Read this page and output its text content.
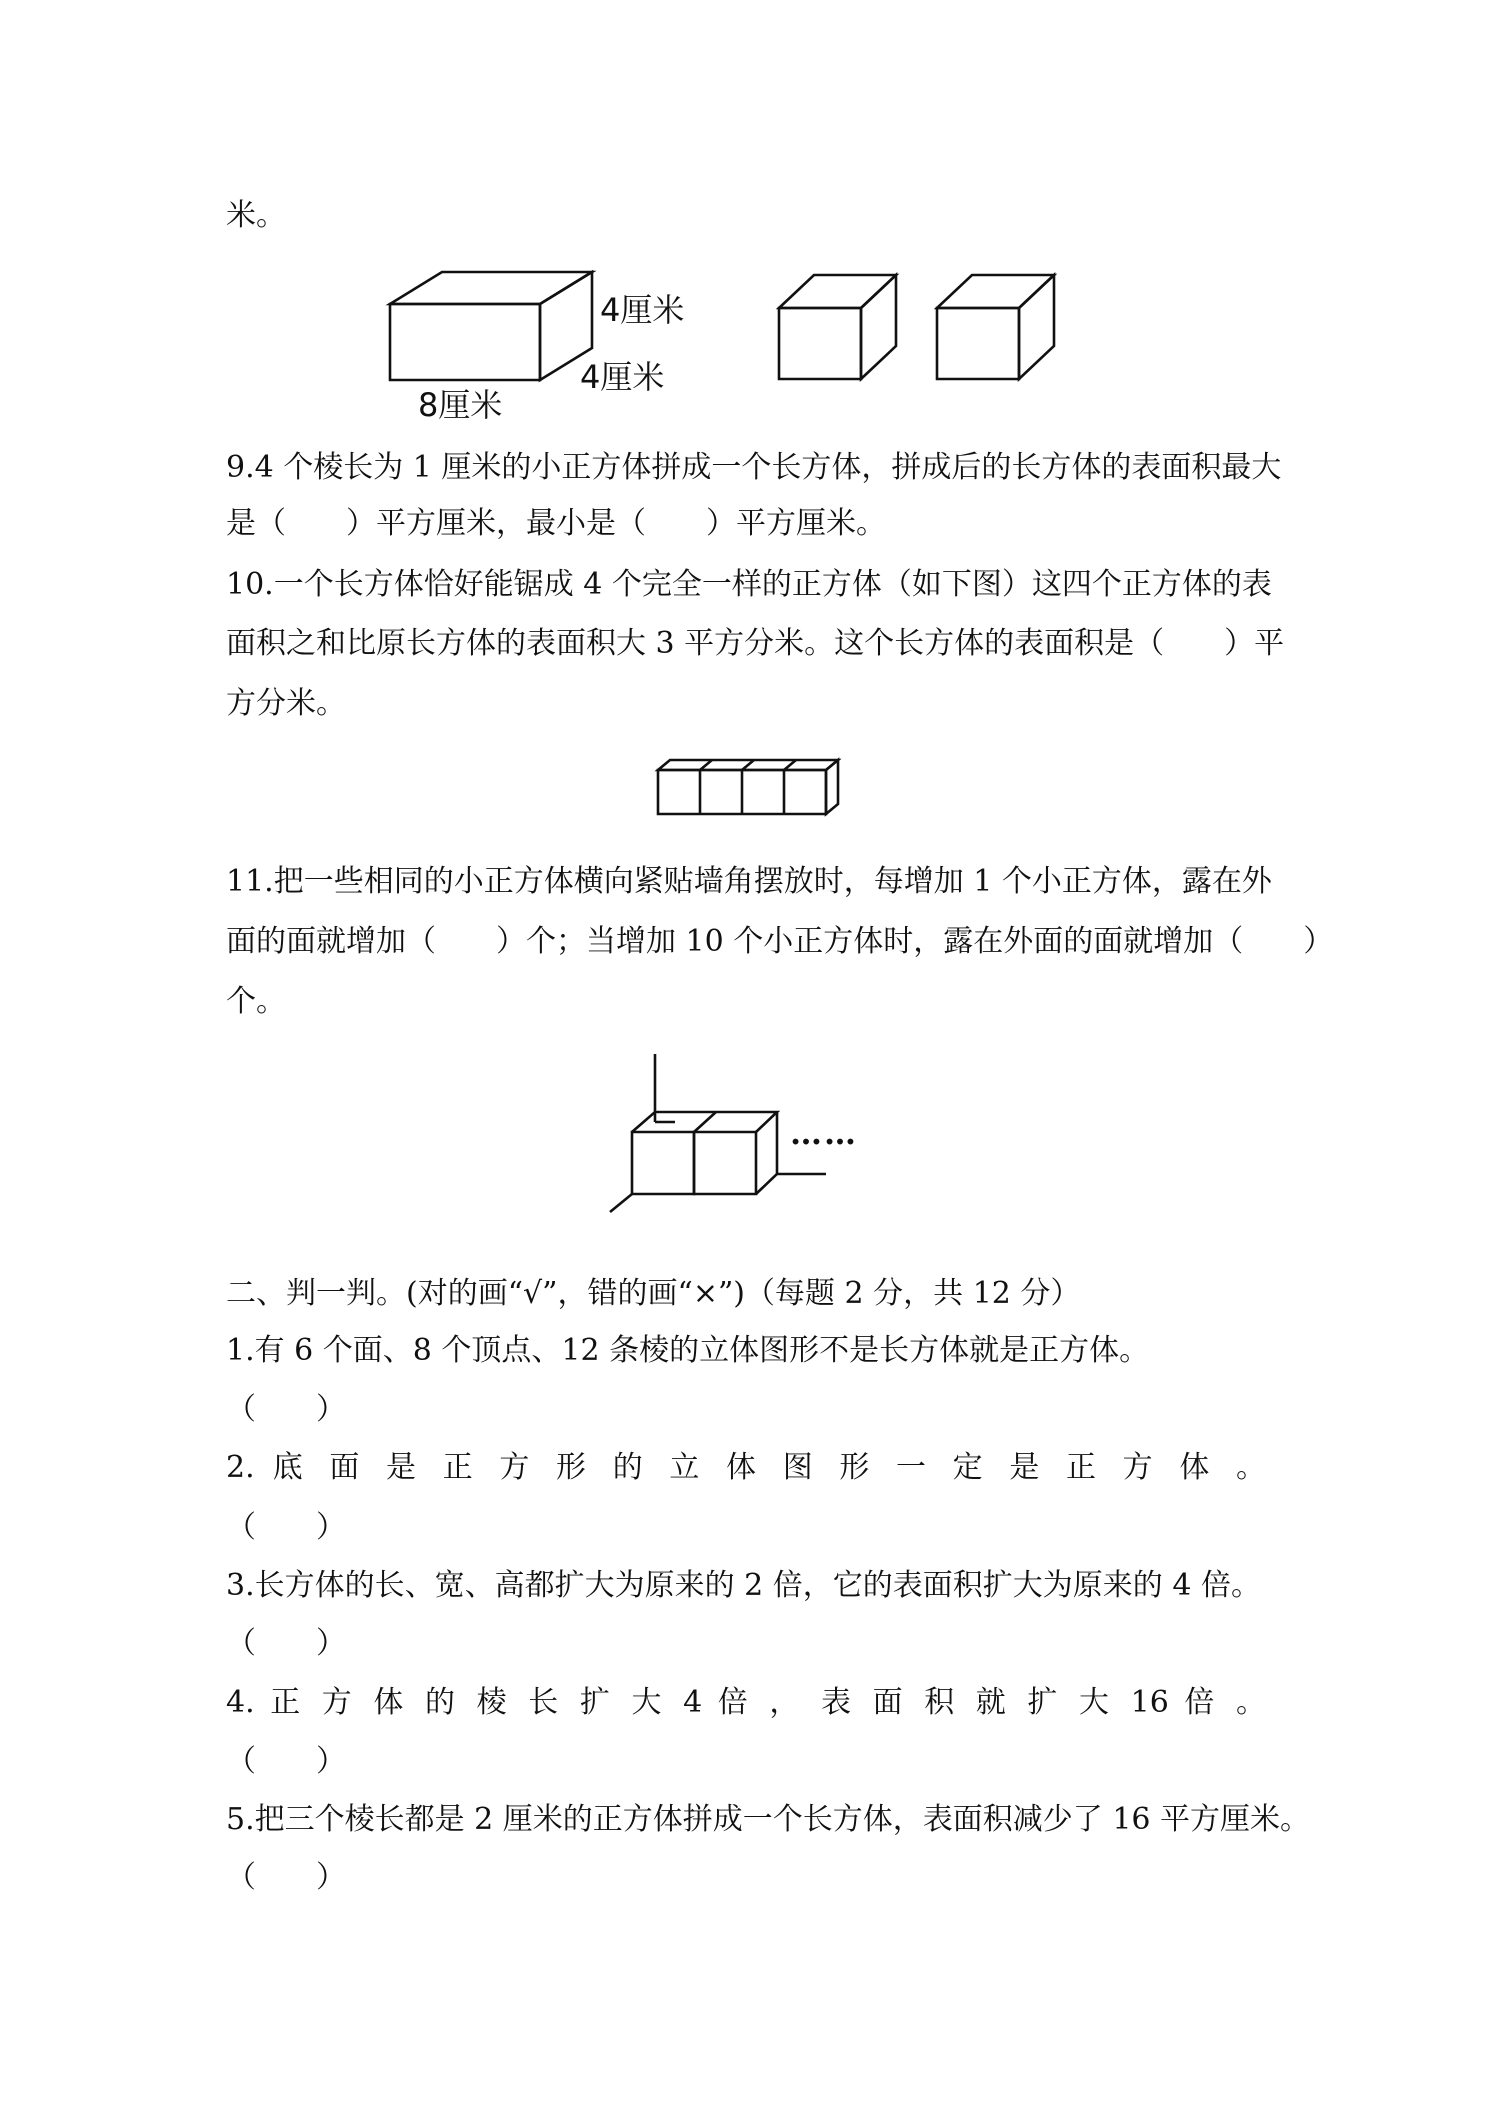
米。
4厘米
4厘米
8厘米
9.4 个棱长为 1 厘米的小正方体拼成一个长方体，拼成后的长方体的表面积最大
是（　　）平方厘米，最小是（　　）平方厘米。
10.一个长方体恰好能锯成 4 个完全一样的正方体（如下图）这四个正方体的表
面积之和比原长方体的表面积大 3 平方分米。这个长方体的表面积是（　　）平
方分米。
11.把一些相同的小正方体横向紧贴墙角摆放时，每增加 1 个小正方体，露在外
面的面就增加（　　）个；当增加 10 个小正方体时，露在外面的面就增加（　　）
个。
……
二、判一判。(对的画“√”，错的画“×”)（每题 2 分，共 12 分）
1.有 6 个面、8 个顶点、12 条棱的立体图形不是长方体就是正方体。
（　　）
2. 底 面 是 正 方 形 的 立 体 图 形 一 定 是 正 方 体 。
（　　）
3.长方体的长、宽、高都扩大为原来的 2 倍，它的表面积扩大为原来的 4 倍。
（　　）
4. 正 方 体 的 棱 长 扩 大 4 倍 ， 表 面 积 就 扩 大 16 倍 。
（　　）
5.把三个棱长都是 2 厘米的正方体拼成一个长方体，表面积减少了 16 平方厘米。
（　　）
